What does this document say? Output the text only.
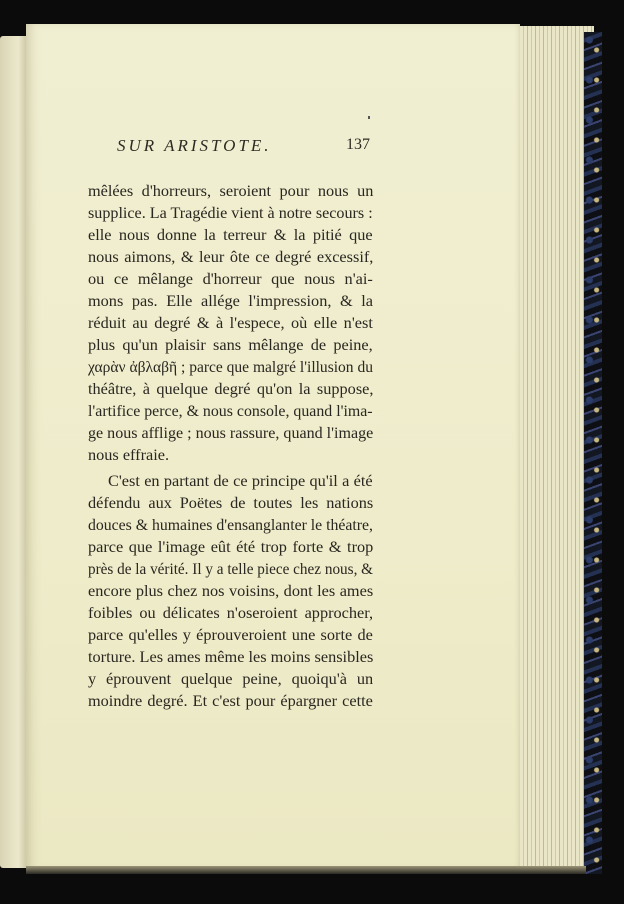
SUR ARISTOTE.	137
mêlées d'horreurs, seroient pour nous un
supplice. La Tragédie vient à notre secours :
elle nous donne la terreur & la pitié que
nous aimons, & leur ôte ce degré excessif,
ou ce mêlange d'horreur que nous n'ai-
mons pas. Elle allége l'impression, & la
réduit au degré & à l'espece, où elle n'est
plus qu'un plaisir sans mêlange de peine,
χαρὰν ἀβλαβῆ ; parce que malgré l'illusion du
théâtre, à quelque degré qu'on la suppose,
l'artifice perce, & nous console, quand l'ima-
ge nous afflige ; nous rassure, quand l'image
nous effraie.
C'est en partant de ce principe qu'il a été
défendu aux Poëtes de toutes les nations
douces & humaines d'ensanglanter le théatre,
parce que l'image eût été trop forte & trop
près de la vérité. Il y a telle piece chez nous, &
encore plus chez nos voisins, dont les ames
foibles ou délicates n'oseroient approcher,
parce qu'elles y éprouveroient une sorte de
torture. Les ames même les moins sensibles
y éprouvent quelque peine, quoiqu'à un
moindre degré. Et c'est pour épargner cette
